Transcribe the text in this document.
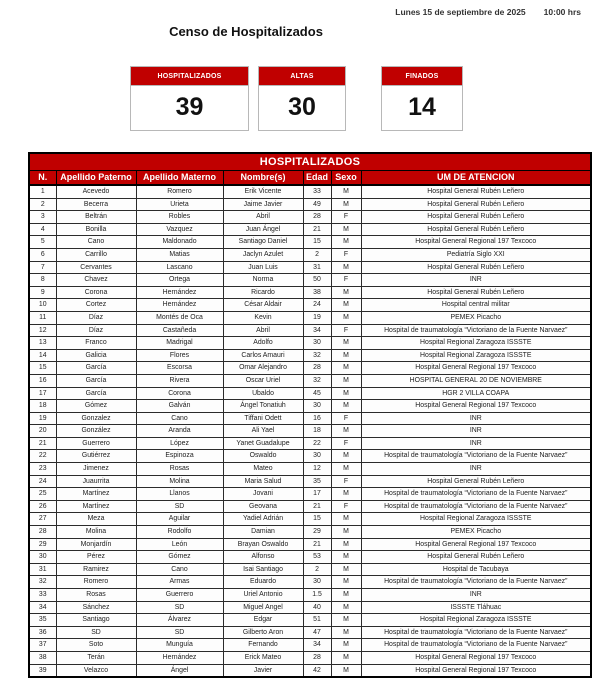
Lunes 15 de septiembre de 2025 10:00 hrs
Censo de Hospitalizados
HOSPITALIZADOS
39
ALTAS
30
FINADOS
14
HOSPITALIZADOS						
N.	Apellido Paterno	Apellido Materno	Nombre(s)	Edad	Sexo	UM DE ATENCION
1	Acevedo	Romero	Erik Vicente	33	M	Hospital General Rubén Leñero
2	Becerra	Urieta	Jaime Javier	49	M	Hospital General Rubén Leñero
3	Beltrán	Robles	Abril	28	F	Hospital General Rubén Leñero
4	Bonilla	Vazquez	Juan Ángel	21	M	Hospital General Rubén Leñero
5	Cano	Maldonado	Santiago Daniel	15	M	Hospital General Regional 197 Texcoco
6	Carrillo	Matias	Jaclyn Azulet	2	F	Pediatría Siglo XXI
7	Cervantes	Lascano	Juan Luis	31	M	Hospital General Rubén Leñero
8	Chavez	Ortega	Norma	50	F	INR
9	Corona	Hernández	Ricardo	38	M	Hospital General Rubén Leñero
10	Cortez	Hernández	César Aldair	24	M	Hospital central militar
11	Díaz	Montés de Oca	Kevin	19	M	PEMEX Picacho
12	Díaz	Castañeda	Abril	34	F	Hospital de traumatología “Victoriano de la Fuente Narvaez”
13	Franco	Madrigal	Adolfo	30	M	Hospital Regional Zaragoza ISSSTE
14	Galicia	Flores	Carlos Amauri	32	M	Hospital Regional Zaragoza ISSSTE
15	García	Escorsa	Omar Alejandro	28	M	Hospital General Regional 197 Texcoco
16	García	Rivera	Oscar Uriel	32	M	HOSPITAL GENERAL 20 DE NOVIEMBRE
17	García	Corona	Ubaldo	45	M	HGR 2 VILLA COAPA
18	Gómez	Galván	Ángel Tonatiuh	30	M	Hospital General Regional 197 Texcoco
19	Gonzalez	Cano	Tiffani Odett	16	F	INR
20	González	Aranda	Ali Yael	18	M	INR
21	Guerrero	López	Yanet Guadalupe	22	F	INR
22	Gutiérrez	Espinoza	Oswaldo	30	M	Hospital de traumatología “Victoriano de la Fuente Narvaez”
23	Jimenez	Rosas	Mateo	12	M	INR
24	Juaurrita	Molina	Maria Salud	35	F	Hospital General Rubén Leñero
25	Martínez	Llanos	Jovani	17	M	Hospital de traumatología “Victoriano de la Fuente Narvaez”
26	Martínez	SD	Geovana	21	F	Hospital de traumatología “Victoriano de la Fuente Narvaez”
27	Meza	Aguilar	Yadiel Adrián	15	M	Hospital Regional Zaragoza ISSSTE
28	Molina	Rodolfo	Damian	29	M	PEMEX Picacho
29	Monjardín	León	Brayan Oswaldo	21	M	Hospital General Regional 197 Texcoco
30	Pérez	Gómez	Alfonso	53	M	Hospital General Rubén Leñero
31	Ramirez	Cano	Isai Santiago	2	M	Hospital de Tacubaya
32	Romero	Armas	Eduardo	30	M	Hospital de traumatología “Victoriano de la Fuente Narvaez”
33	Rosas	Guerrero	Uriel Antonio	1.5	M	INR
34	Sánchez	SD	Miguel Angel	40	M	ISSSTE Tláhuac
35	Santiago	Álvarez	Edgar	51	M	Hospital Regional Zaragoza ISSSTE
36	SD	SD	Gilberto Aron	47	M	Hospital de traumatología “Victoriano de la Fuente Narvaez”
37	Soto	Munguía	Fernando	34	M	Hospital de traumatología “Victoriano de la Fuente Narvaez”
38	Terán	Hernández	Erick Mateo	28	M	Hospital General Regional 197 Texcoco
39	Velazco	Ángel	Javier	42	M	Hospital General Regional 197 Texcoco
